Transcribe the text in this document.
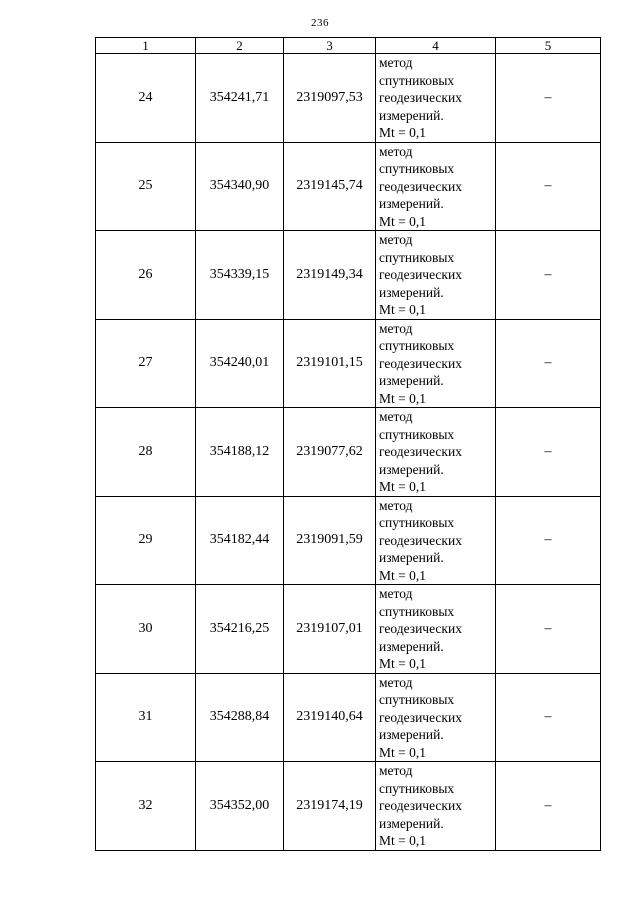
236
1	2	3	4	5
24	354241,71	2319097,53	метод
спутниковых
геодезических
измерений.
Mt = 0,1	–
25	354340,90	2319145,74	метод
спутниковых
геодезических
измерений.
Mt = 0,1	–
26	354339,15	2319149,34	метод
спутниковых
геодезических
измерений.
Mt = 0,1	–
27	354240,01	2319101,15	метод
спутниковых
геодезических
измерений.
Mt = 0,1	–
28	354188,12	2319077,62	метод
спутниковых
геодезических
измерений.
Mt = 0,1	–
29	354182,44	2319091,59	метод
спутниковых
геодезических
измерений.
Mt = 0,1	–
30	354216,25	2319107,01	метод
спутниковых
геодезических
измерений.
Mt = 0,1	–
31	354288,84	2319140,64	метод
спутниковых
геодезических
измерений.
Mt = 0,1	–
32	354352,00	2319174,19	метод
спутниковых
геодезических
измерений.
Mt = 0,1	–
